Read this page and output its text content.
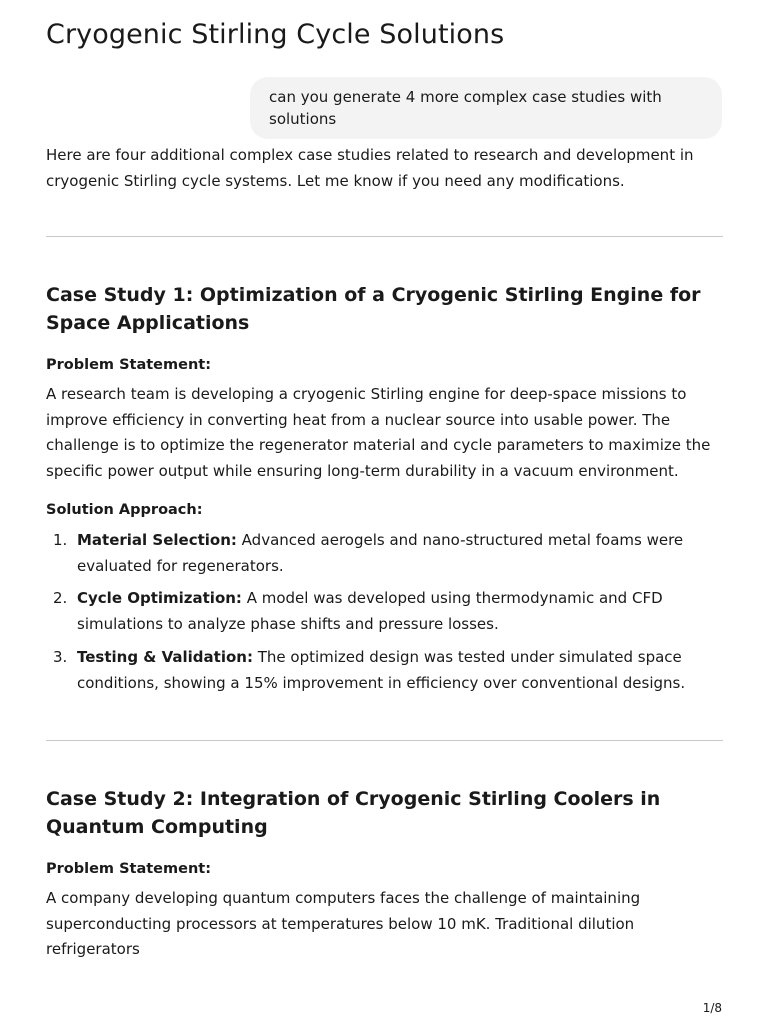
Cryogenic Stirling Cycle Solutions
can you generate 4 more complex case studies with solutions

Here are four additional complex case studies related to research and development in cryogenic Stirling cycle systems. Let me know if you need any modifications.

Case Study 1: Optimization of a Cryogenic Stirling Engine for Space Applications

Problem Statement:

A research team is developing a cryogenic Stirling engine for deep-space missions to improve efficiency in converting heat from a nuclear source into usable power. The challenge is to optimize the regenerator material and cycle parameters to maximize the specific power output while ensuring long-term durability in a vacuum environment.

Solution Approach:

1. Material Selection: Advanced aerogels and nano-structured metal foams were evaluated for regenerators.
2. Cycle Optimization: A model was developed using thermodynamic and CFD simulations to analyze phase shifts and pressure losses.
3. Testing & Validation: The optimized design was tested under simulated space conditions, showing a 15% improvement in efficiency over conventional designs.
Case Study 2: Integration of Cryogenic Stirling Coolers in Quantum Computing

Problem Statement:

A company developing quantum computers faces the challenge of maintaining superconducting processors at temperatures below 10 mK. Traditional dilution refrigerators

1/8
